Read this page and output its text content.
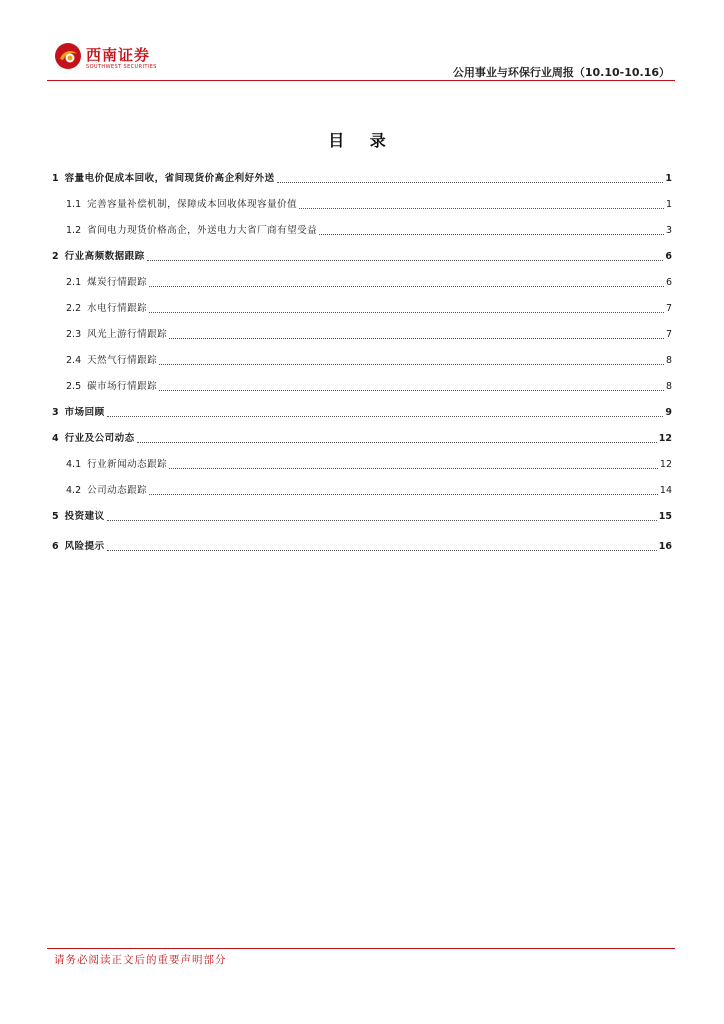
西南证券
SOUTHWEST SECURITIES	公用事业与环保行业周报（10.10-10.16）
目 录
1 容量电价促成本回收，省间现货价高企利好外送	1
1.1 完善容量补偿机制，保障成本回收体现容量价值	1
1.2 省间电力现货价格高企，外送电力大省厂商有望受益	3
2 行业高频数据跟踪	6
2.1 煤炭行情跟踪	6
2.2 水电行情跟踪	7
2.3 风光上游行情跟踪	7
2.4 天然气行情跟踪	8
2.5 碳市场行情跟踪	8
3 市场回顾	9
4 行业及公司动态	12
4.1 行业新闻动态跟踪	12
4.2 公司动态跟踪	14
5 投资建议	15
6 风险提示	16
请务必阅读正文后的重要声明部分
